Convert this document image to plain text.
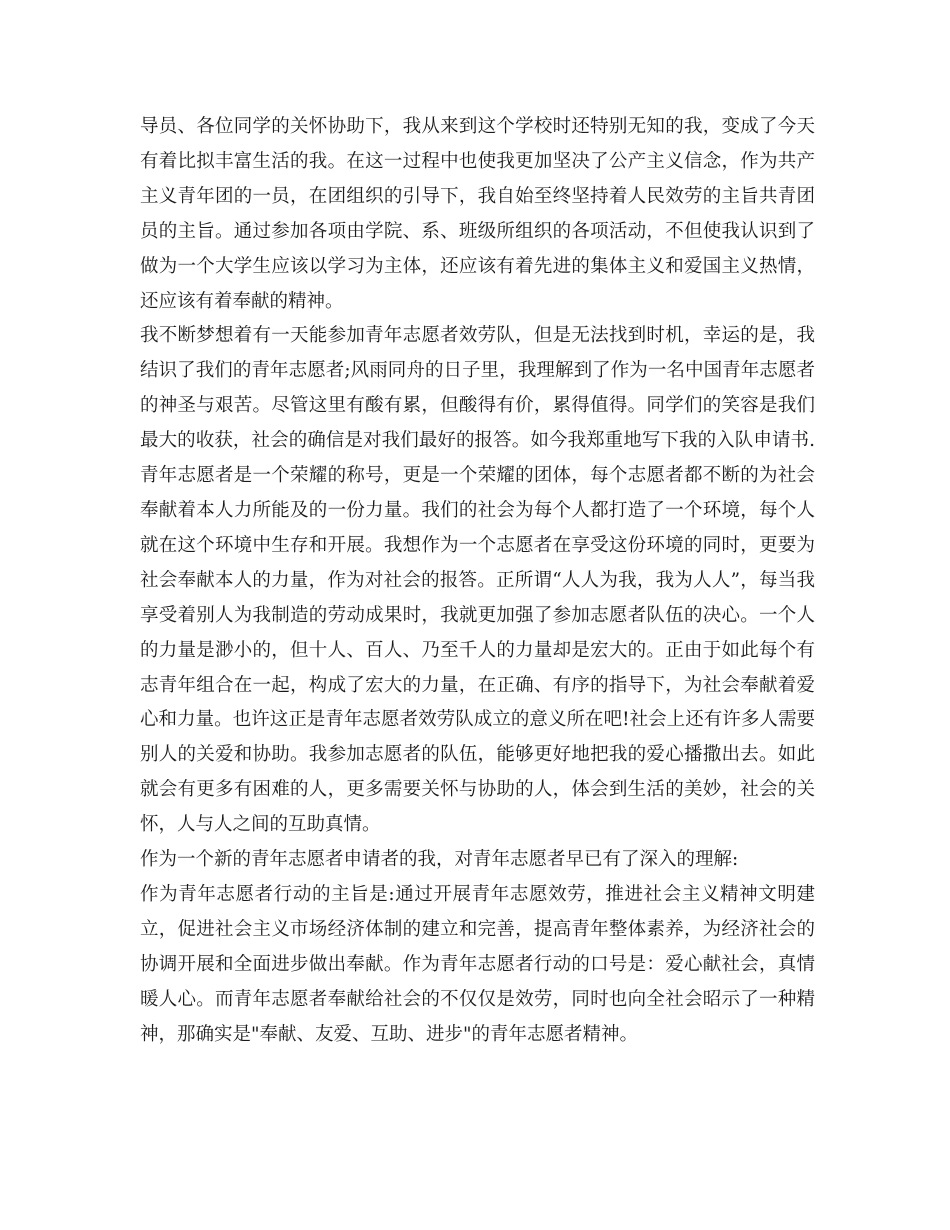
导员、各位同学的关怀协助下，我从来到这个学校时还特别无知的我，变成了今天有着比拟丰富生活的我。在这一过程中也使我更加坚决了公产主义信念，作为共产主义青年团的一员，在团组织的引导下，我自始至终坚持着人民效劳的主旨共青团员的主旨。通过参加各项由学院、系、班级所组织的各项活动，不但使我认识到了做为一个大学生应该以学习为主体，还应该有着先进的集体主义和爱国主义热情，还应该有着奉献的精神。

我不断梦想着有一天能参加青年志愿者效劳队，但是无法找到时机，幸运的是，我结识了我们的青年志愿者;风雨同舟的日子里，我理解到了作为一名中国青年志愿者的神圣与艰苦。尽管这里有酸有累，但酸得有价，累得值得。同学们的笑容是我们最大的收获，社会的确信是对我们最好的报答。如今我郑重地写下我的入队申请书.青年志愿者是一个荣耀的称号，更是一个荣耀的团体，每个志愿者都不断的为社会奉献着本人力所能及的一份力量。我们的社会为每个人都打造了一个环境，每个人就在这个环境中生存和开展。我想作为一个志愿者在享受这份环境的同时，更要为社会奉献本人的力量，作为对社会的报答。正所谓“人人为我，我为人人”，每当我享受着别人为我制造的劳动成果时，我就更加强了参加志愿者队伍的决心。一个人的力量是渺小的，但十人、百人、乃至千人的力量却是宏大的。正由于如此每个有志青年组合在一起，构成了宏大的力量，在正确、有序的指导下，为社会奉献着爱心和力量。也许这正是青年志愿者效劳队成立的意义所在吧!社会上还有许多人需要别人的关爱和协助。我参加志愿者的队伍，能够更好地把我的爱心播撒出去。如此就会有更多有困难的人，更多需要关怀与协助的人，体会到生活的美妙，社会的关怀，人与人之间的互助真情。

作为一个新的青年志愿者申请者的我，对青年志愿者早已有了深入的理解:

作为青年志愿者行动的主旨是:通过开展青年志愿效劳，推进社会主义精神文明建立，促进社会主义市场经济体制的建立和完善，提高青年整体素养，为经济社会的协调开展和全面进步做出奉献。作为青年志愿者行动的口号是：爱心献社会，真情暖人心。而青年志愿者奉献给社会的不仅仅是效劳，同时也向全社会昭示了一种精神，那确实是"奉献、友爱、互助、进步"的青年志愿者精神。
